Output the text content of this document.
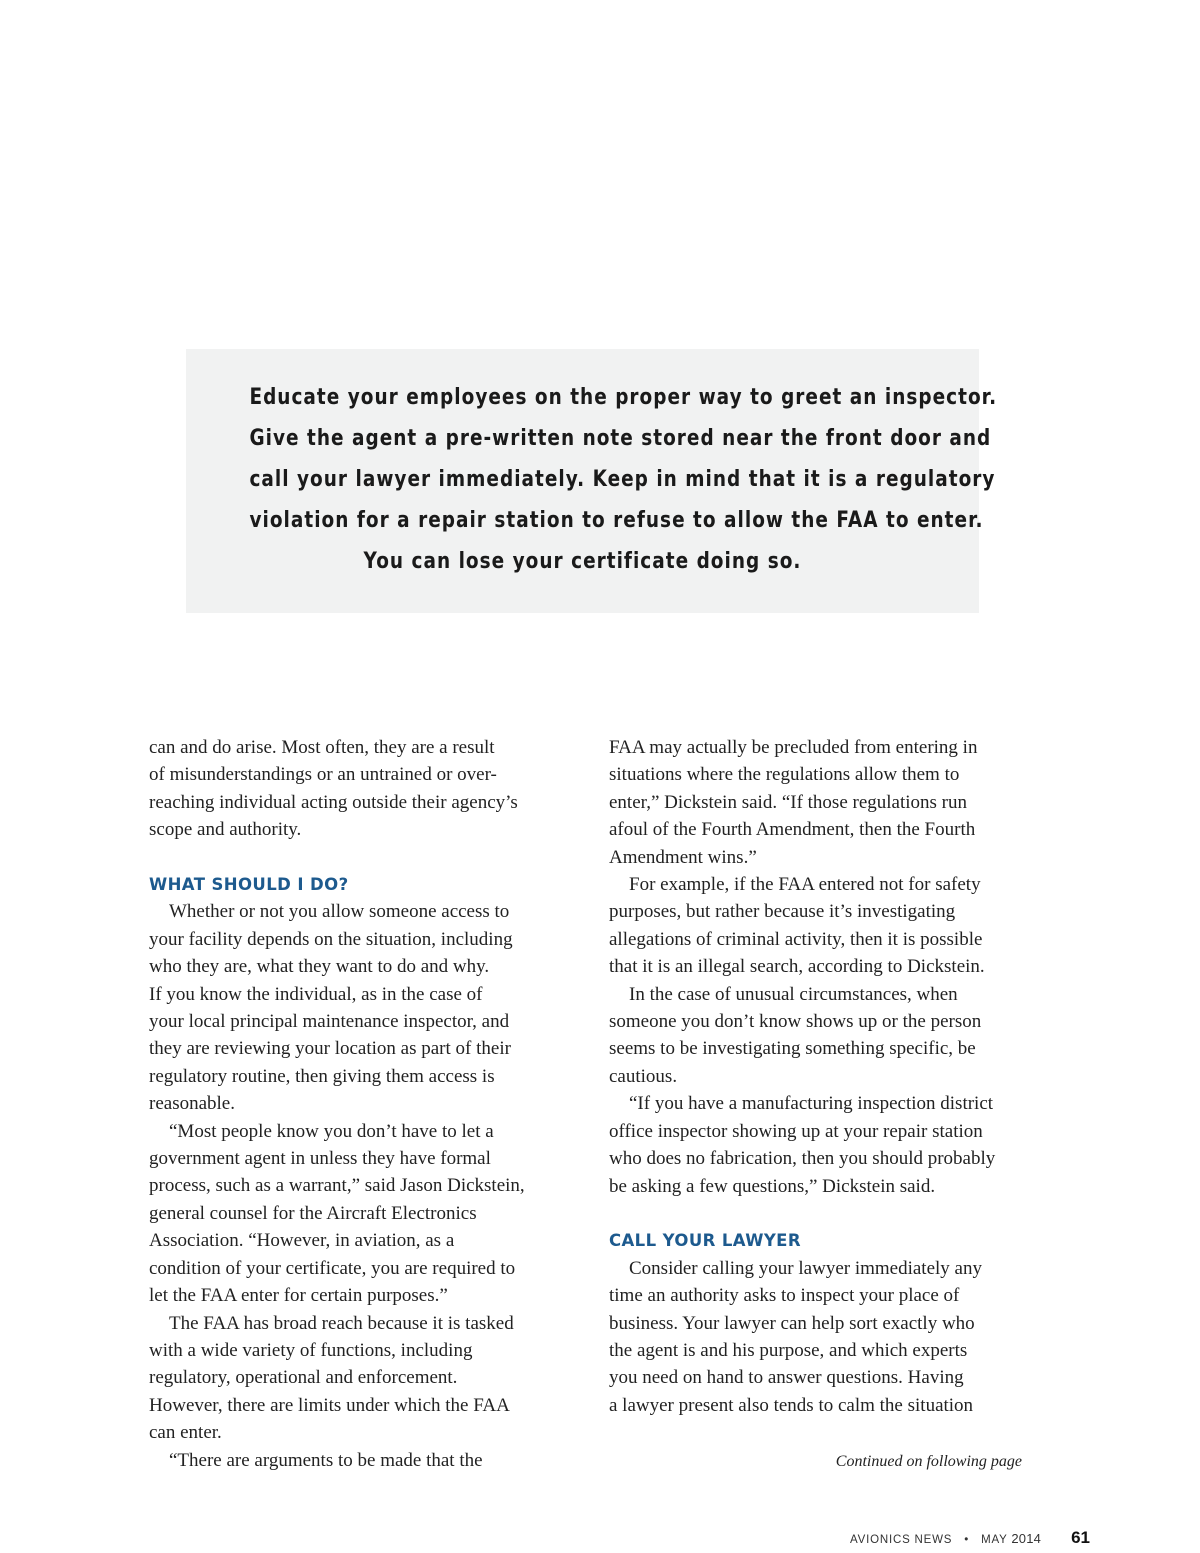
Educate your employees on the proper way to greet an inspector.
Give the agent a pre-written note stored near the front door and
call your lawyer immediately. Keep in mind that it is a regulatory
violation for a repair station to refuse to allow the FAA to enter.
You can lose your certificate doing so.

can and do arise. Most often, they are a result
of misunderstandings or an untrained or over-
reaching individual acting outside their agency’s
scope and authority.

WHAT SHOULD I DO?

Whether or not you allow someone access to
your facility depends on the situation, including
who they are, what they want to do and why.
If you know the individual, as in the case of
your local principal maintenance inspector, and
they are reviewing your location as part of their
regulatory routine, then giving them access is
reasonable.

“Most people know you don’t have to let a
government agent in unless they have formal
process, such as a warrant,” said Jason Dickstein,
general counsel for the Aircraft Electronics
Association. “However, in aviation, as a
condition of your certificate, you are required to
let the FAA enter for certain purposes.”

The FAA has broad reach because it is tasked
with a wide variety of functions, including
regulatory, operational and enforcement.
However, there are limits under which the FAA
can enter.

“There are arguments to be made that the

FAA may actually be precluded from entering in
situations where the regulations allow them to
enter,” Dickstein said. “If those regulations run
afoul of the Fourth Amendment, then the Fourth
Amendment wins.”

For example, if the FAA entered not for safety
purposes, but rather because it’s investigating
allegations of criminal activity, then it is possible
that it is an illegal search, according to Dickstein.

In the case of unusual circumstances, when
someone you don’t know shows up or the person
seems to be investigating something specific, be
cautious.

“If you have a manufacturing inspection district
office inspector showing up at your repair station
who does no fabrication, then you should probably
be asking a few questions,” Dickstein said.

CALL YOUR LAWYER

Consider calling your lawyer immediately any
time an authority asks to inspect your place of
business. Your lawyer can help sort exactly who
the agent is and his purpose, and which experts
you need on hand to answer questions. Having
a lawyer present also tends to calm the situation

Continued on following page
AVIONICS NEWS • MAY 2014 61
